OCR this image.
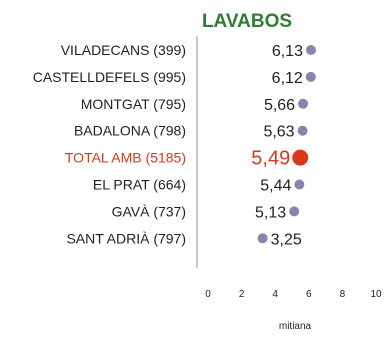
LAVABOS
VILADECANS (399)	6,13
CASTELLDEFELS (995)	6,12
MONTGAT (795)	5,66
BADALONA (798)	5,63
TOTAL AMB (5185)	5,49
EL PRAT (664)	5,44
GAVÀ (737)	5,13
SANT ADRIÀ (797)	3,25
0	2	4	6	8	10
mitiana
